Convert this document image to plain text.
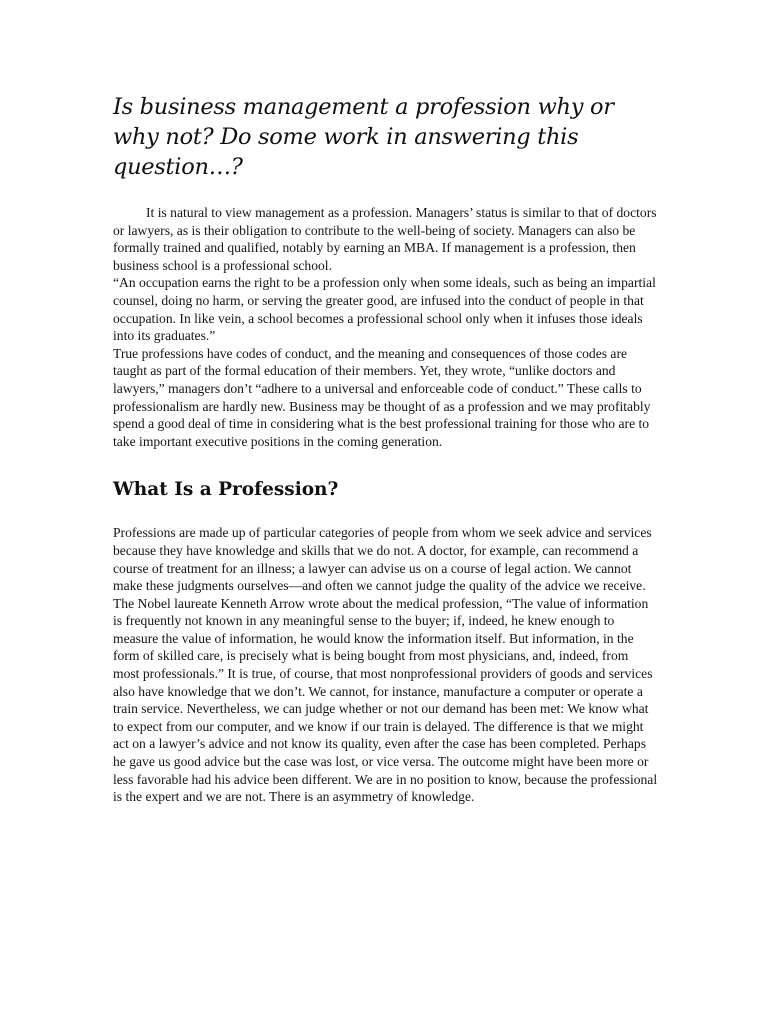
Is business management a profession why or why not? Do some work in answering this question…?

It is natural to view management as a profession. Managers’ status is similar to that of doctors or lawyers, as is their obligation to contribute to the well-being of society. Managers can also be formally trained and qualified, notably by earning an MBA. If management is a profession, then business school is a professional school.

“An occupation earns the right to be a profession only when some ideals, such as being an impartial counsel, doing no harm, or serving the greater good, are infused into the conduct of people in that occupation. In like vein, a school becomes a professional school only when it infuses those ideals into its graduates.”

True professions have codes of conduct, and the meaning and consequences of those codes are taught as part of the formal education of their members. Yet, they wrote, “unlike doctors and lawyers,” managers don’t “adhere to a universal and enforceable code of conduct.” These calls to professionalism are hardly new. Business may be thought of as a profession and we may profitably spend a good deal of time in considering what is the best professional training for those who are to take important executive positions in the coming generation.

What Is a Profession?

Professions are made up of particular categories of people from whom we seek advice and services because they have knowledge and skills that we do not. A doctor, for example, can recommend a course of treatment for an illness; a lawyer can advise us on a course of legal action. We cannot make these judgments ourselves—and often we cannot judge the quality of the advice we receive. The Nobel laureate Kenneth Arrow wrote about the medical profession, “The value of information is frequently not known in any meaningful sense to the buyer; if, indeed, he knew enough to measure the value of information, he would know the information itself. But information, in the form of skilled care, is precisely what is being bought from most physicians, and, indeed, from most professionals.” It is true, of course, that most nonprofessional providers of goods and services also have knowledge that we don’t. We cannot, for instance, manufacture a computer or operate a train service. Nevertheless, we can judge whether or not our demand has been met: We know what to expect from our computer, and we know if our train is delayed. The difference is that we might act on a lawyer’s advice and not know its quality, even after the case has been completed. Perhaps he gave us good advice but the case was lost, or vice versa. The outcome might have been more or less favorable had his advice been different. We are in no position to know, because the professional is the expert and we are not. There is an asymmetry of knowledge.
